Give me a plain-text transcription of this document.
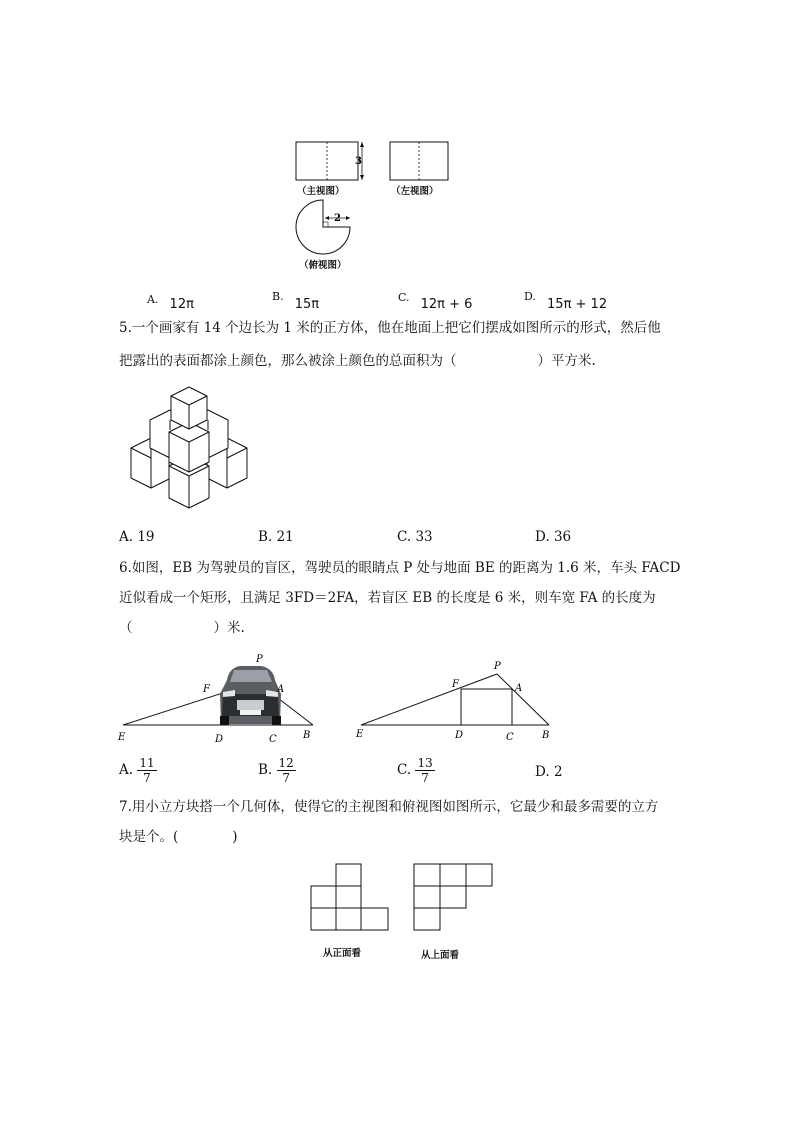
3
2
（主视图）	（左视图）
（俯视图）
A. $_{12\pi}$
B. $_{15\pi}$	C. $_{12\pi + 6}$
D. $_{15\pi + 12}$
5.一个画家有 14 个边长为 1 米的正方体，他在地面上把它们摆成如图所示的形式，然后他
把露出的表面都涂上颜色，那么被涂上颜色的总面积为（　　　　　　）平方米.
A. 19	B. 21	C. 33	D. 36
6.如图，EB 为驾驶员的盲区，驾驶员的眼睛点 P 处与地面 BE 的距离为 1.6 米，车头 FACD
近似看成一个矩形，且满足 3FD＝2FA，若盲区 EB 的长度是 6 米，则车宽 FA 的长度为
（　　　　　　）米.
P
F	A
E	D	C	B
P
F	A
E	D	C	B
A. $\frac{11}{7}$	B. $\frac{12}{7}$	C. $\frac{13}{7}$	D. 2
7.用小立方块搭一个几何体，使得它的主视图和俯视图如图所示，它最少和最多需要的立方
块是个。(　　　　)
从正面看	从上面看
